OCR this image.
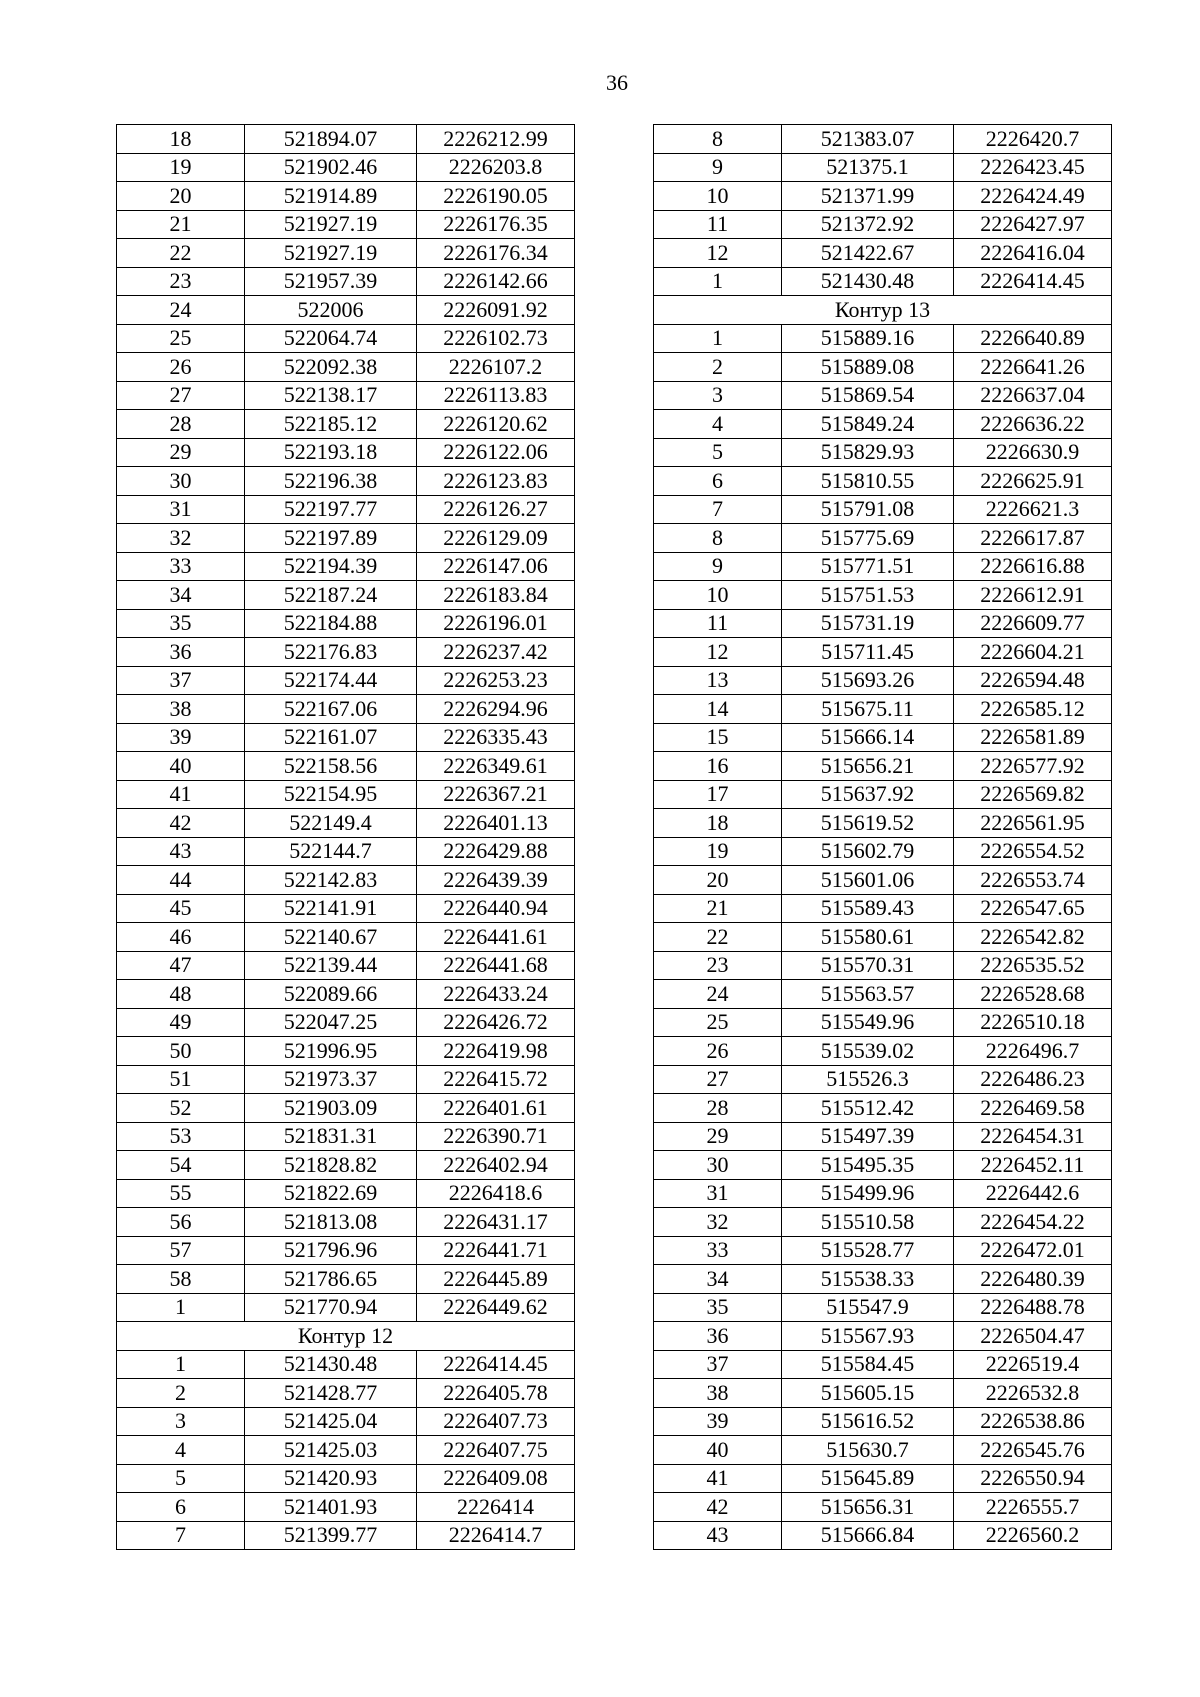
36
18	521894.07	2226212.99
19	521902.46	2226203.8
20	521914.89	2226190.05
21	521927.19	2226176.35
22	521927.19	2226176.34
23	521957.39	2226142.66
24	522006	2226091.92
25	522064.74	2226102.73
26	522092.38	2226107.2
27	522138.17	2226113.83
28	522185.12	2226120.62
29	522193.18	2226122.06
30	522196.38	2226123.83
31	522197.77	2226126.27
32	522197.89	2226129.09
33	522194.39	2226147.06
34	522187.24	2226183.84
35	522184.88	2226196.01
36	522176.83	2226237.42
37	522174.44	2226253.23
38	522167.06	2226294.96
39	522161.07	2226335.43
40	522158.56	2226349.61
41	522154.95	2226367.21
42	522149.4	2226401.13
43	522144.7	2226429.88
44	522142.83	2226439.39
45	522141.91	2226440.94
46	522140.67	2226441.61
47	522139.44	2226441.68
48	522089.66	2226433.24
49	522047.25	2226426.72
50	521996.95	2226419.98
51	521973.37	2226415.72
52	521903.09	2226401.61
53	521831.31	2226390.71
54	521828.82	2226402.94
55	521822.69	2226418.6
56	521813.08	2226431.17
57	521796.96	2226441.71
58	521786.65	2226445.89
1	521770.94	2226449.62
Контур 12		
1	521430.48	2226414.45
2	521428.77	2226405.78
3	521425.04	2226407.73
4	521425.03	2226407.75
5	521420.93	2226409.08
6	521401.93	2226414
7	521399.77	2226414.7
8	521383.07	2226420.7
9	521375.1	2226423.45
10	521371.99	2226424.49
11	521372.92	2226427.97
12	521422.67	2226416.04
1	521430.48	2226414.45
Контур 13		
1	515889.16	2226640.89
2	515889.08	2226641.26
3	515869.54	2226637.04
4	515849.24	2226636.22
5	515829.93	2226630.9
6	515810.55	2226625.91
7	515791.08	2226621.3
8	515775.69	2226617.87
9	515771.51	2226616.88
10	515751.53	2226612.91
11	515731.19	2226609.77
12	515711.45	2226604.21
13	515693.26	2226594.48
14	515675.11	2226585.12
15	515666.14	2226581.89
16	515656.21	2226577.92
17	515637.92	2226569.82
18	515619.52	2226561.95
19	515602.79	2226554.52
20	515601.06	2226553.74
21	515589.43	2226547.65
22	515580.61	2226542.82
23	515570.31	2226535.52
24	515563.57	2226528.68
25	515549.96	2226510.18
26	515539.02	2226496.7
27	515526.3	2226486.23
28	515512.42	2226469.58
29	515497.39	2226454.31
30	515495.35	2226452.11
31	515499.96	2226442.6
32	515510.58	2226454.22
33	515528.77	2226472.01
34	515538.33	2226480.39
35	515547.9	2226488.78
36	515567.93	2226504.47
37	515584.45	2226519.4
38	515605.15	2226532.8
39	515616.52	2226538.86
40	515630.7	2226545.76
41	515645.89	2226550.94
42	515656.31	2226555.7
43	515666.84	2226560.2
